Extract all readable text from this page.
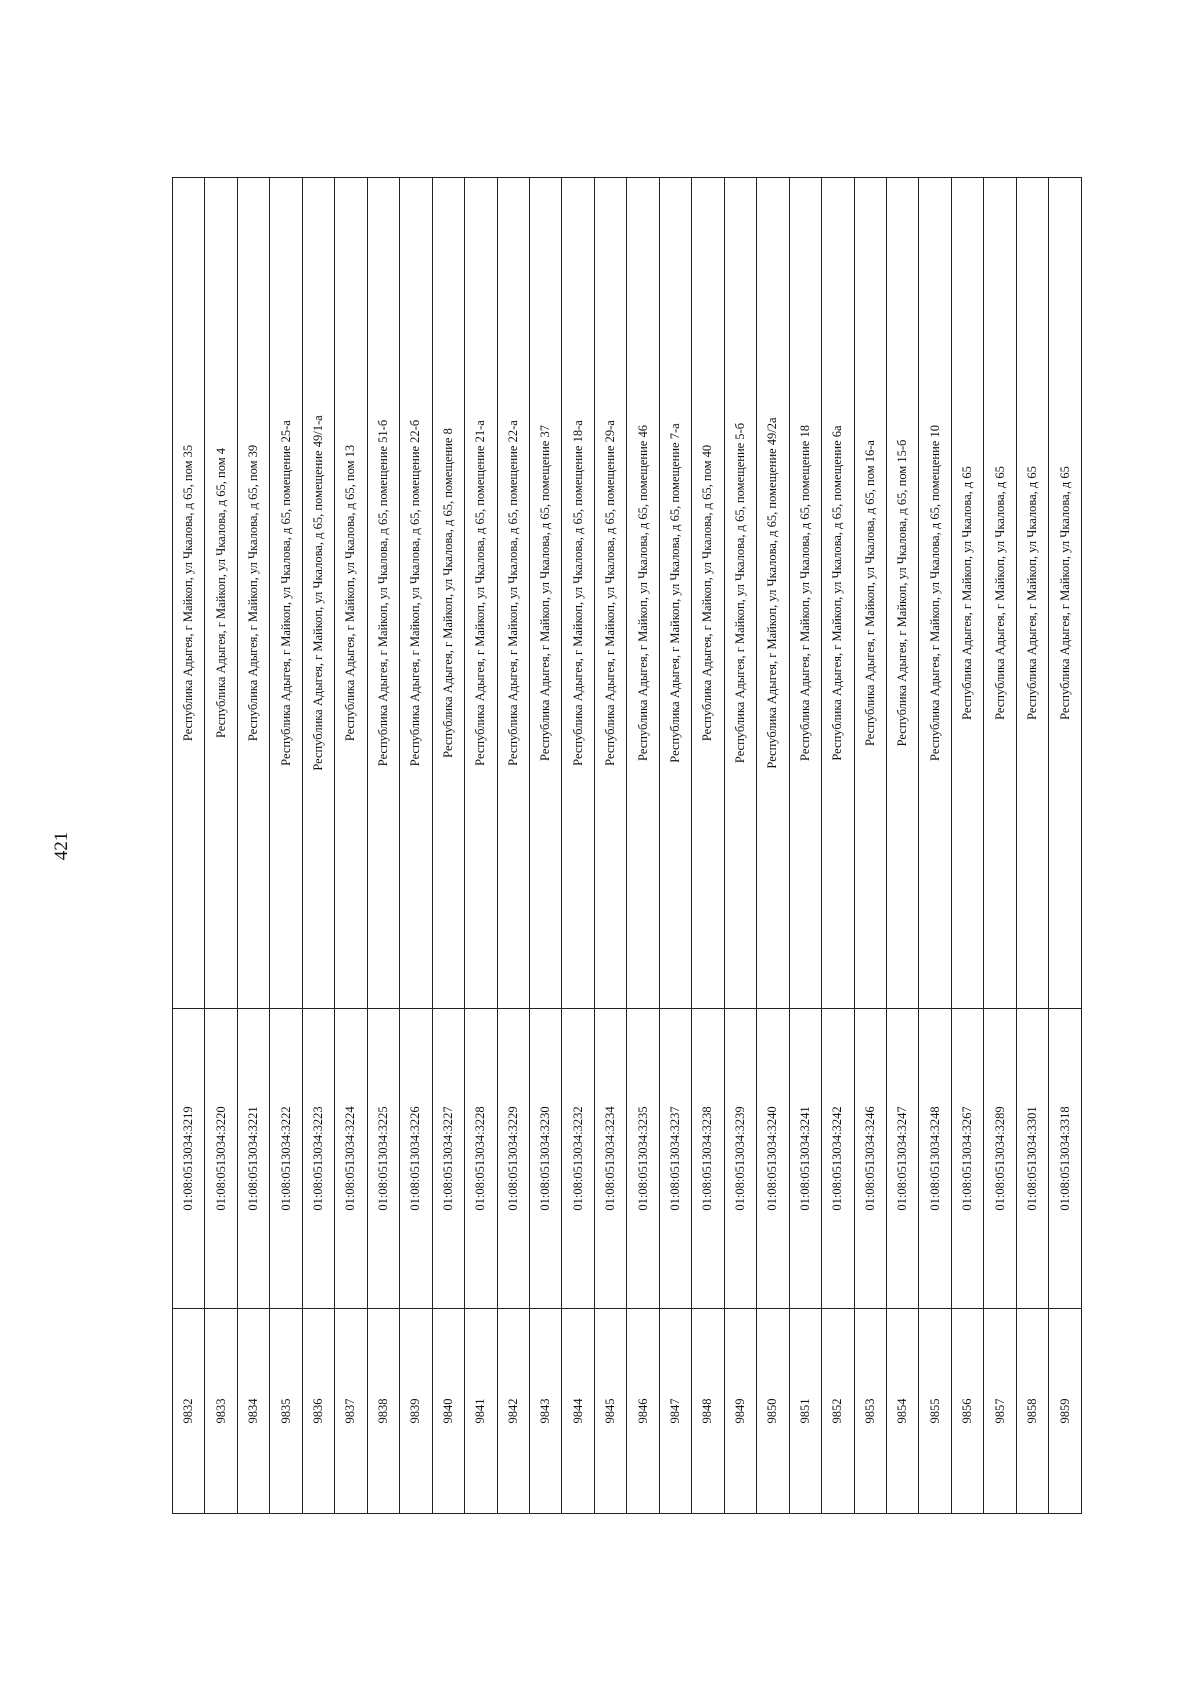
421
9832	01:08:0513034:3219	Республика Адыгея, г Майкоп, ул Чкалова, д 65, пом 35
9833	01:08:0513034:3220	Республика Адыгея, г Майкоп, ул Чкалова, д 65, пом 4
9834	01:08:0513034:3221	Республика Адыгея, г Майкоп, ул Чкалова, д 65, пом 39
9835	01:08:0513034:3222	Республика Адыгея, г Майкоп, ул Чкалова, д 65, помещение 25-а
9836	01:08:0513034:3223	Республика Адыгея, г Майкоп, ул Чкалова, д 65, помещение 49/1-а
9837	01:08:0513034:3224	Республика Адыгея, г Майкоп, ул Чкалова, д 65, пом 13
9838	01:08:0513034:3225	Республика Адыгея, г Майкоп, ул Чкалова, д 65, помещение 51-б
9839	01:08:0513034:3226	Республика Адыгея, г Майкоп, ул Чкалова, д 65, помещение 22-б
9840	01:08:0513034:3227	Республика Адыгея, г Майкоп, ул Чкалова, д 65, помещение 8
9841	01:08:0513034:3228	Республика Адыгея, г Майкоп, ул Чкалова, д 65, помещение 21-а
9842	01:08:0513034:3229	Республика Адыгея, г Майкоп, ул Чкалова, д 65, помещение 22-а
9843	01:08:0513034:3230	Республика Адыгея, г Майкоп, ул Чкалова, д 65, помещение 37
9844	01:08:0513034:3232	Республика Адыгея, г Майкоп, ул Чкалова, д 65, помещение 18-а
9845	01:08:0513034:3234	Республика Адыгея, г Майкоп, ул Чкалова, д 65, помещение 29-а
9846	01:08:0513034:3235	Республика Адыгея, г Майкоп, ул Чкалова, д 65, помещение 46
9847	01:08:0513034:3237	Республика Адыгея, г Майкоп, ул Чкалова, д 65, помещение 7-а
9848	01:08:0513034:3238	Республика Адыгея, г Майкоп, ул Чкалова, д 65, пом 40
9849	01:08:0513034:3239	Республика Адыгея, г Майкоп, ул Чкалова, д 65, помещение 5-б
9850	01:08:0513034:3240	Республика Адыгея, г Майкоп, ул Чкалова, д 65, помещение 49/2а
9851	01:08:0513034:3241	Республика Адыгея, г Майкоп, ул Чкалова, д 65, помещение 18
9852	01:08:0513034:3242	Республика Адыгея, г Майкоп, ул Чкалова, д 65, помещение 6а
9853	01:08:0513034:3246	Республика Адыгея, г Майкоп, ул Чкалова, д 65, пом 16-а
9854	01:08:0513034:3247	Республика Адыгея, г Майкоп, ул Чкалова, д 65, пом 15-б
9855	01:08:0513034:3248	Республика Адыгея, г Майкоп, ул Чкалова, д 65, помещение 10
9856	01:08:0513034:3267	Республика Адыгея, г Майкоп, ул Чкалова, д 65
9857	01:08:0513034:3289	Республика Адыгея, г Майкоп, ул Чкалова, д 65
9858	01:08:0513034:3301	Республика Адыгея, г Майкоп, ул Чкалова, д 65
9859	01:08:0513034:3318	Республика Адыгея, г Майкоп, ул Чкалова, д 65
